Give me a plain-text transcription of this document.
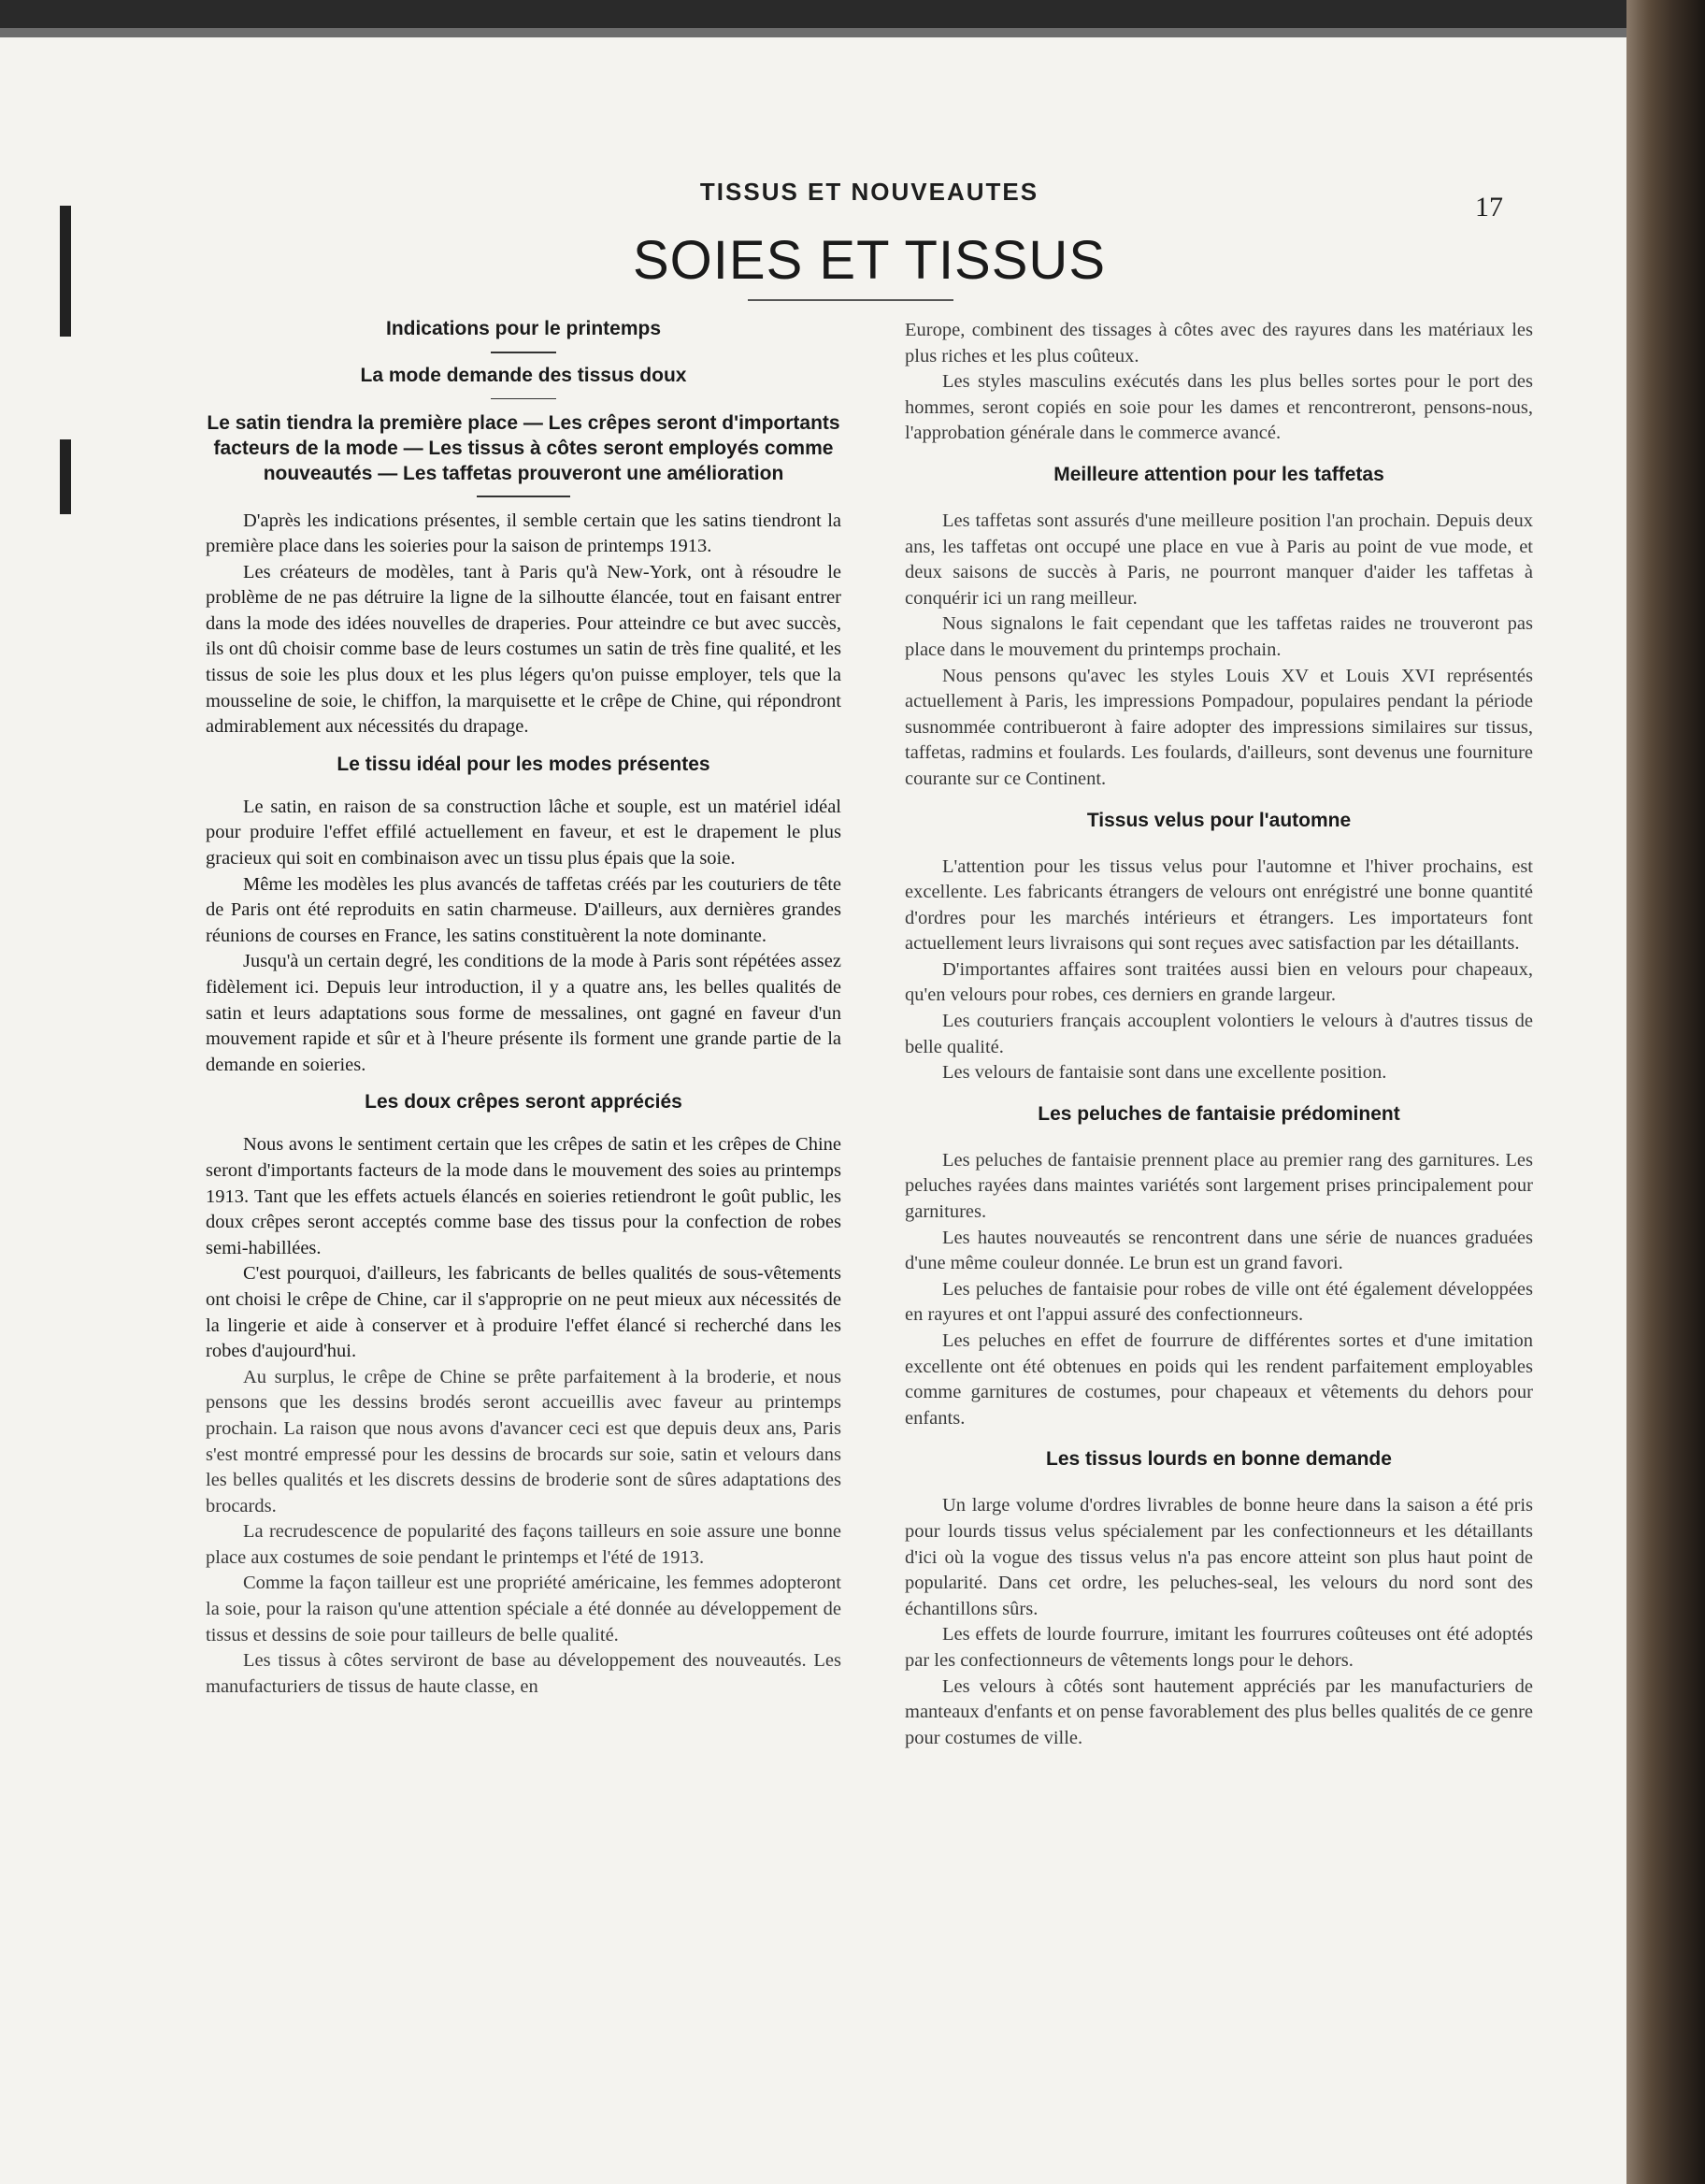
TISSUS ET NOUVEAUTES	17
SOIES ET TISSUS
Indications pour le printemps
La mode demande des tissus doux

Le satin tiendra la première place — Les crêpes seront d'importants facteurs de la mode — Les tissus à côtes seront employés comme nouveautés — Les taffetas prouveront une amélioration

D'après les indications présentes, il semble certain que les satins tiendront la première place dans les soieries pour la saison de printemps 1913.

Les créateurs de modèles, tant à Paris qu'à New-York, ont à résoudre le problème de ne pas détruire la ligne de la silhoutte élancée, tout en faisant entrer dans la mode des idées nouvelles de draperies. Pour atteindre ce but avec succès, ils ont dû choisir comme base de leurs costumes un satin de très fine qualité, et les tissus de soie les plus doux et les plus légers qu'on puisse employer, tels que la mousseline de soie, le chiffon, la marquisette et le crêpe de Chine, qui répondront admirablement aux nécessités du drapage.

Le tissu idéal pour les modes présentes

Le satin, en raison de sa construction lâche et souple, est un matériel idéal pour produire l'effet effilé actuellement en faveur, et est le drapement le plus gracieux qui soit en combinaison avec un tissu plus épais que la soie.

Même les modèles les plus avancés de taffetas créés par les couturiers de tête de Paris ont été reproduits en satin charmeuse. D'ailleurs, aux dernières grandes réunions de courses en France, les satins constituèrent la note dominante.

Jusqu'à un certain degré, les conditions de la mode à Paris sont répétées assez fidèlement ici. Depuis leur introduction, il y a quatre ans, les belles qualités de satin et leurs adaptations sous forme de messalines, ont gagné en faveur d'un mouvement rapide et sûr et à l'heure présente ils forment une grande partie de la demande en soieries.

Les doux crêpes seront appréciés

Nous avons le sentiment certain que les crêpes de satin et les crêpes de Chine seront d'importants facteurs de la mode dans le mouvement des soies au printemps 1913. Tant que les effets actuels élancés en soieries retiendront le goût public, les doux crêpes seront acceptés comme base des tissus pour la confection de robes semi-habillées.

C'est pourquoi, d'ailleurs, les fabricants de belles qualités de sous-vêtements ont choisi le crêpe de Chine, car il s'approprie on ne peut mieux aux nécessités de la lingerie et aide à conserver et à produire l'effet élancé si recherché dans les robes d'aujourd'hui.

Au surplus, le crêpe de Chine se prête parfaitement à la broderie, et nous pensons que les dessins brodés seront accueillis avec faveur au printemps prochain. La raison que nous avons d'avancer ceci est que depuis deux ans, Paris s'est montré empressé pour les dessins de brocards sur soie, satin et velours dans les belles qualités et les discrets dessins de broderie sont de sûres adaptations des brocards.

La recrudescence de popularité des façons tailleurs en soie assure une bonne place aux costumes de soie pendant le printemps et l'été de 1913.

Comme la façon tailleur est une propriété américaine, les femmes adopteront la soie, pour la raison qu'une attention spéciale a été donnée au développement de tissus et dessins de soie pour tailleurs de belle qualité.

Les tissus à côtes serviront de base au développement des nouveautés. Les manufacturiers de tissus de haute classe, en

Europe, combinent des tissages à côtes avec des rayures dans les matériaux les plus riches et les plus coûteux.

Les styles masculins exécutés dans les plus belles sortes pour le port des hommes, seront copiés en soie pour les dames et rencontreront, pensons-nous, l'approbation générale dans le commerce avancé.

Meilleure attention pour les taffetas

Les taffetas sont assurés d'une meilleure position l'an prochain. Depuis deux ans, les taffetas ont occupé une place en vue à Paris au point de vue mode, et deux saisons de succès à Paris, ne pourront manquer d'aider les taffetas à conquérir ici un rang meilleur.

Nous signalons le fait cependant que les taffetas raides ne trouveront pas place dans le mouvement du printemps prochain.

Nous pensons qu'avec les styles Louis XV et Louis XVI représentés actuellement à Paris, les impressions Pompadour, populaires pendant la période susnommée contribueront à faire adopter des impressions similaires sur tissus, taffetas, radmins et foulards. Les foulards, d'ailleurs, sont devenus une fourniture courante sur ce Continent.

Tissus velus pour l'automne

L'attention pour les tissus velus pour l'automne et l'hiver prochains, est excellente. Les fabricants étrangers de velours ont enrégistré une bonne quantité d'ordres pour les marchés intérieurs et étrangers. Les importateurs font actuellement leurs livraisons qui sont reçues avec satisfaction par les détaillants.

D'importantes affaires sont traitées aussi bien en velours pour chapeaux, qu'en velours pour robes, ces derniers en grande largeur.

Les couturiers français accouplent volontiers le velours à d'autres tissus de belle qualité.

Les velours de fantaisie sont dans une excellente position.

Les peluches de fantaisie prédominent

Les peluches de fantaisie prennent place au premier rang des garnitures. Les peluches rayées dans maintes variétés sont largement prises principalement pour garnitures.

Les hautes nouveautés se rencontrent dans une série de nuances graduées d'une même couleur donnée. Le brun est un grand favori.

Les peluches de fantaisie pour robes de ville ont été également développées en rayures et ont l'appui assuré des confectionneurs.

Les peluches en effet de fourrure de différentes sortes et d'une imitation excellente ont été obtenues en poids qui les rendent parfaitement employables comme garnitures de costumes, pour chapeaux et vêtements du dehors pour enfants.

Les tissus lourds en bonne demande

Un large volume d'ordres livrables de bonne heure dans la saison a été pris pour lourds tissus velus spécialement par les confectionneurs et les détaillants d'ici où la vogue des tissus velus n'a pas encore atteint son plus haut point de popularité. Dans cet ordre, les peluches-seal, les velours du nord sont des échantillons sûrs.

Les effets de lourde fourrure, imitant les fourrures coûteuses ont été adoptés par les confectionneurs de vêtements longs pour le dehors.

Les velours à côtés sont hautement appréciés par les manufacturiers de manteaux d'enfants et on pense favorablement des plus belles qualités de ce genre pour costumes de ville.
